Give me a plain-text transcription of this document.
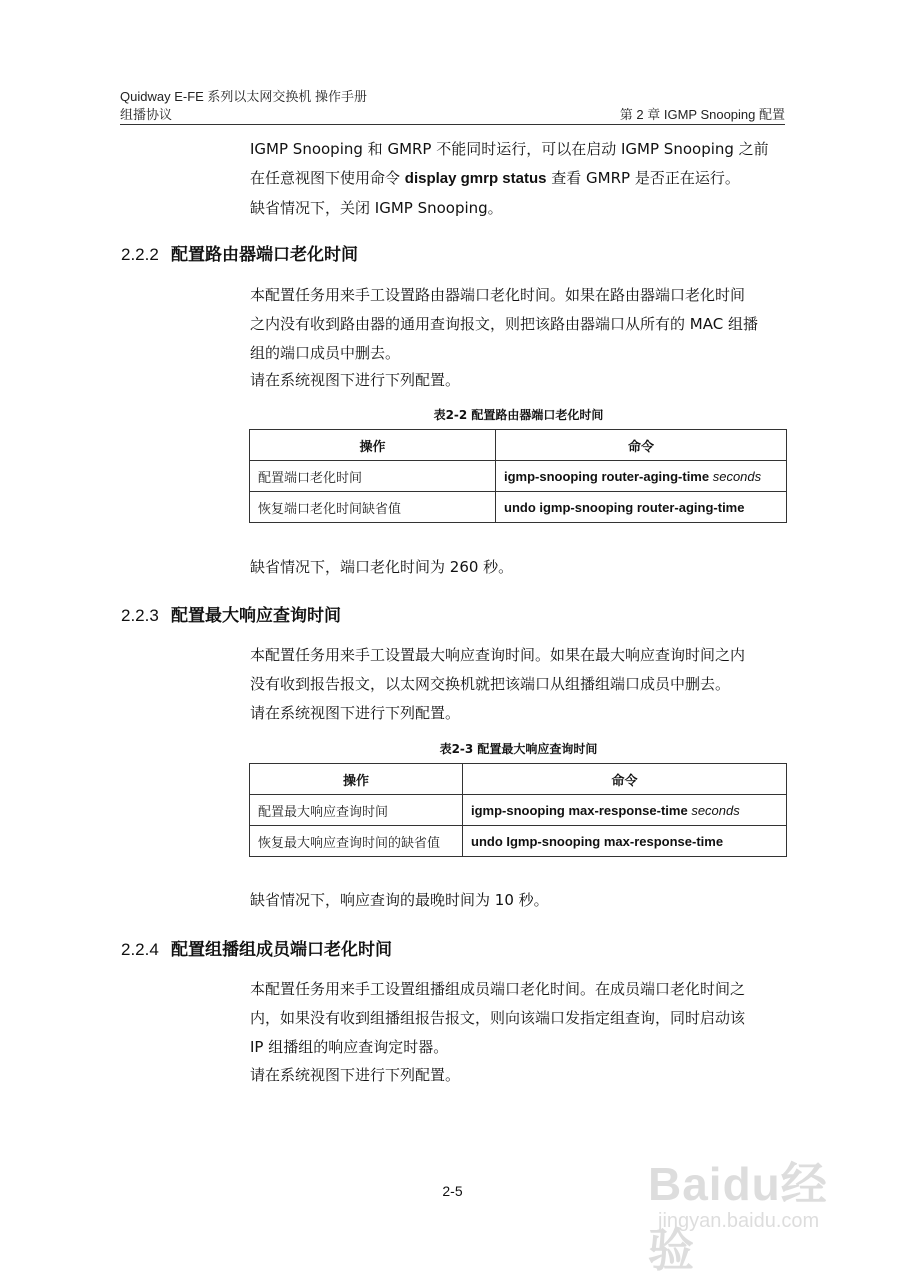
Quidway E-FE 系列以太网交换机 操作手册
组播协议	第 2 章 IGMP Snooping 配置
IGMP Snooping 和 GMRP 不能同时运行，可以在启动 IGMP Snooping 之前
在任意视图下使用命令 display gmrp status 查看 GMRP 是否正在运行。
缺省情况下，关闭 IGMP Snooping。
2.2.2 配置路由器端口老化时间
本配置任务用来手工设置路由器端口老化时间。如果在路由器端口老化时间
之内没有收到路由器的通用查询报文，则把该路由器端口从所有的 MAC 组播
组的端口成员中删去。
请在系统视图下进行下列配置。
表2-2 配置路由器端口老化时间
操作	命令
配置端口老化时间	igmp-snooping router-aging-time seconds
恢复端口老化时间缺省值	undo igmp-snooping router-aging-time
缺省情况下，端口老化时间为 260 秒。
2.2.3 配置最大响应查询时间
本配置任务用来手工设置最大响应查询时间。如果在最大响应查询时间之内
没有收到报告报文，以太网交换机就把该端口从组播组端口成员中删去。
请在系统视图下进行下列配置。
表2-3 配置最大响应查询时间
操作	命令
配置最大响应查询时间	igmp-snooping max-response-time seconds
恢复最大响应查询时间的缺省值	undo Igmp-snooping max-response-time
缺省情况下，响应查询的最晚时间为 10 秒。
2.2.4 配置组播组成员端口老化时间
本配置任务用来手工设置组播组成员端口老化时间。在成员端口老化时间之
内，如果没有收到组播组报告报文，则向该端口发指定组查询，同时启动该
IP 组播组的响应查询定时器。
请在系统视图下进行下列配置。
2-5	Baidu经验
jingyan.baidu.com
